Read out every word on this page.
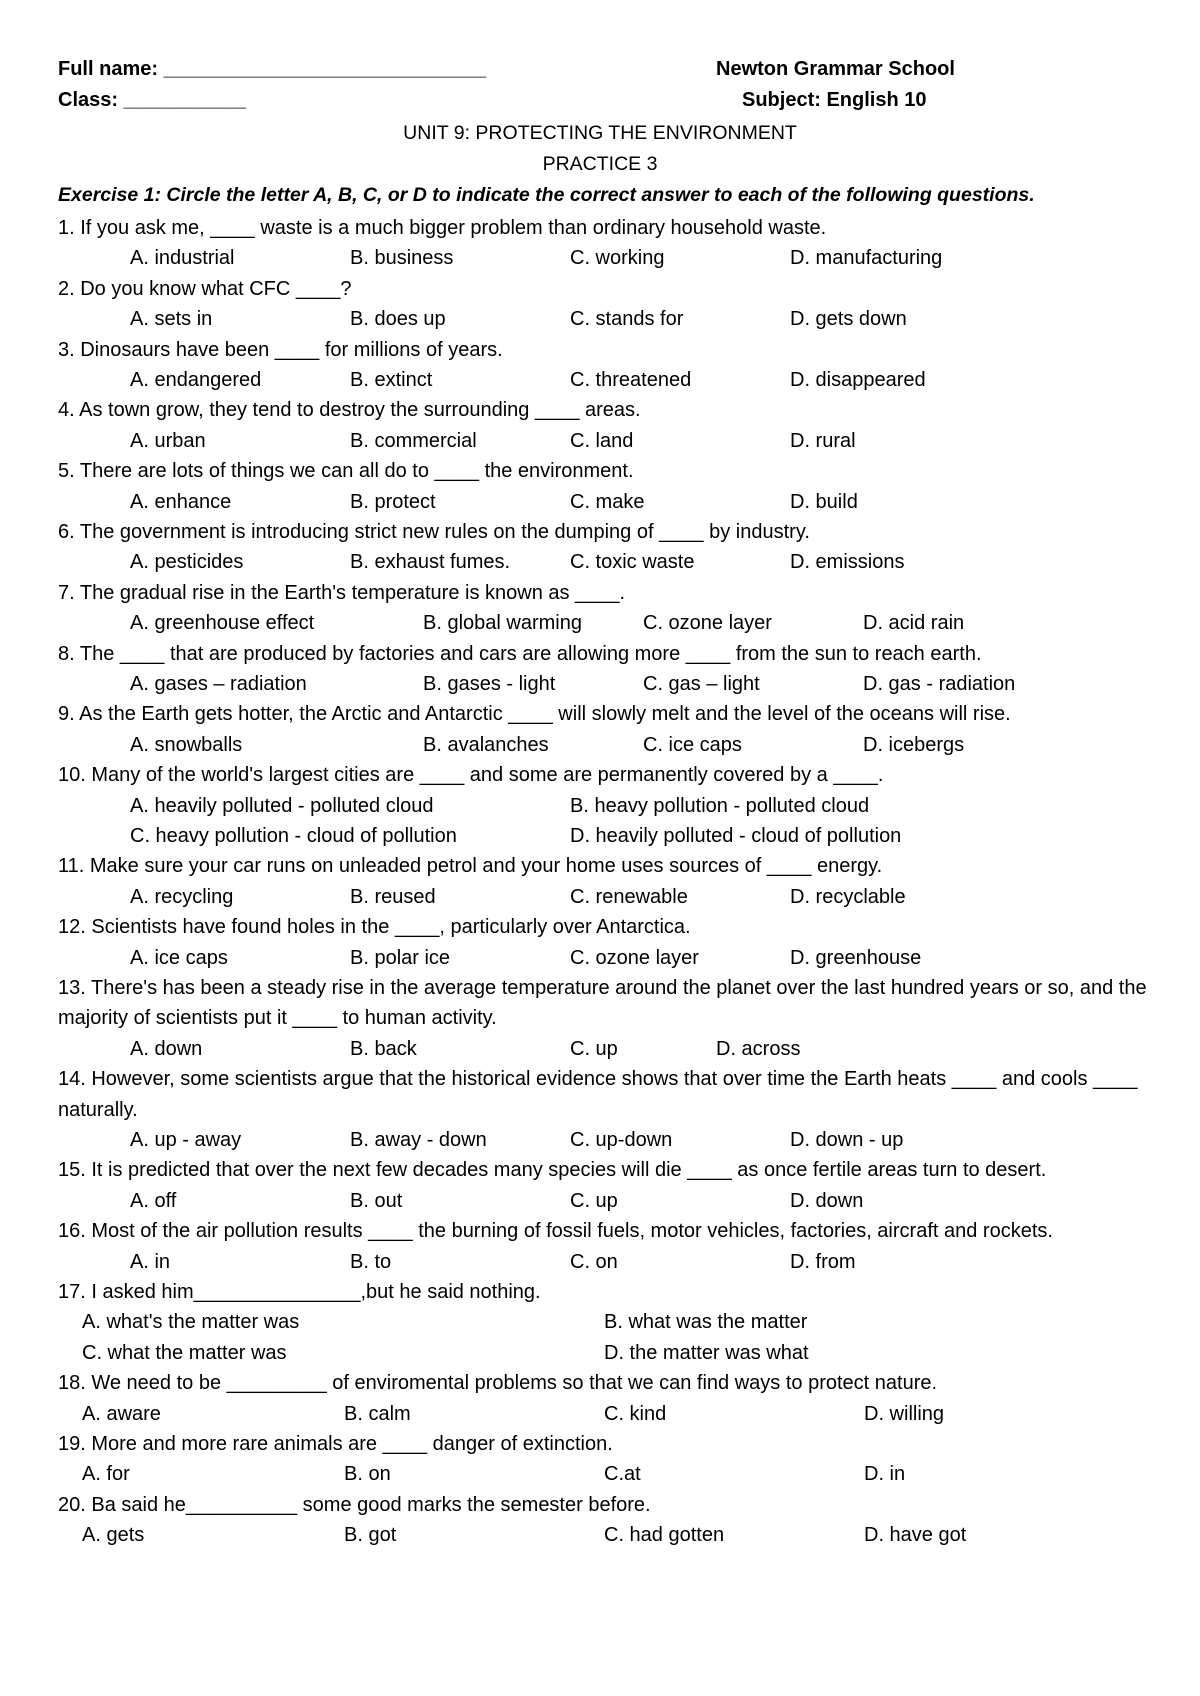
Full name: _____________________________	Newton Grammar School
Class: ___________	Subject: English 10
UNIT 9: PROTECTING THE ENVIRONMENT
PRACTICE 3
Exercise 1: Circle the letter A, B, C, or D to indicate the correct answer to each of the following questions.
1. If you ask me, ____ waste is a much bigger problem than ordinary household waste.
A. industrial	B. business	C. working	D. manufacturing
2. Do you know what CFC ____?
A. sets in	B. does up	C. stands for	D. gets down
3. Dinosaurs have been ____ for millions of years.
A. endangered	B. extinct	C. threatened	D. disappeared
4. As town grow, they tend to destroy the surrounding ____ areas.
A. urban	B. commercial	C. land	D. rural
5. There are lots of things we can all do to ____ the environment.
A. enhance	B. protect	C. make	D. build
6. The government is introducing strict new rules on the dumping of ____ by industry.
A. pesticides	B. exhaust fumes.	C. toxic waste	D. emissions
7. The gradual rise in the Earth's temperature is known as ____.
A. greenhouse effect	B. global warming	C. ozone layer	D. acid rain
8. The ____ that are produced by factories and cars are allowing more ____ from the sun to reach earth.
A. gases – radiation	B. gases - light	C. gas – light	D. gas - radiation
9. As the Earth gets hotter, the Arctic and Antarctic ____ will slowly melt and the level of the oceans will rise.
A. snowballs	B. avalanches	C. ice caps	D. icebergs
10. Many of the world's largest cities are ____ and some are permanently covered by a ____.
A. heavily polluted - polluted cloud	B. heavy pollution - polluted cloud
C. heavy pollution - cloud of pollution	D. heavily polluted - cloud of pollution
11. Make sure your car runs on unleaded petrol and your home uses sources of ____ energy.
A. recycling	B. reused	C. renewable	D. recyclable
12. Scientists have found holes in the ____, particularly over Antarctica.
A. ice caps	B. polar ice	C. ozone layer	D. greenhouse
13. There's has been a steady rise in the average temperature around the planet over the last hundred years or so, and the majority of scientists put it ____ to human activity.
A. down	B. back	C. up	D. across
14. However, some scientists argue that the historical evidence shows that over time the Earth heats ____ and cools ____ naturally.
A. up - away	B. away - down	C. up-down	D. down - up
15. It is predicted that over the next few decades many species will die ____ as once fertile areas turn to desert.
A. off	B. out	C. up	D. down
16. Most of the air pollution results ____ the burning of fossil fuels, motor vehicles, factories, aircraft and rockets.
A. in	B. to	C. on	D. from
17. I asked him_______________,but he said nothing.
A. what's the matter was	B. what was the matter
C. what the matter was	D. the matter was what
18. We need to be _________ of enviromental problems so that we can find ways to protect nature.
A. aware	B. calm	C. kind	D. willing
19. More and more rare animals are ____ danger of extinction.
A. for	B. on	C.at	D. in
20. Ba said he__________ some good marks the semester before.
A. gets	B. got	C. had gotten	D. have got
